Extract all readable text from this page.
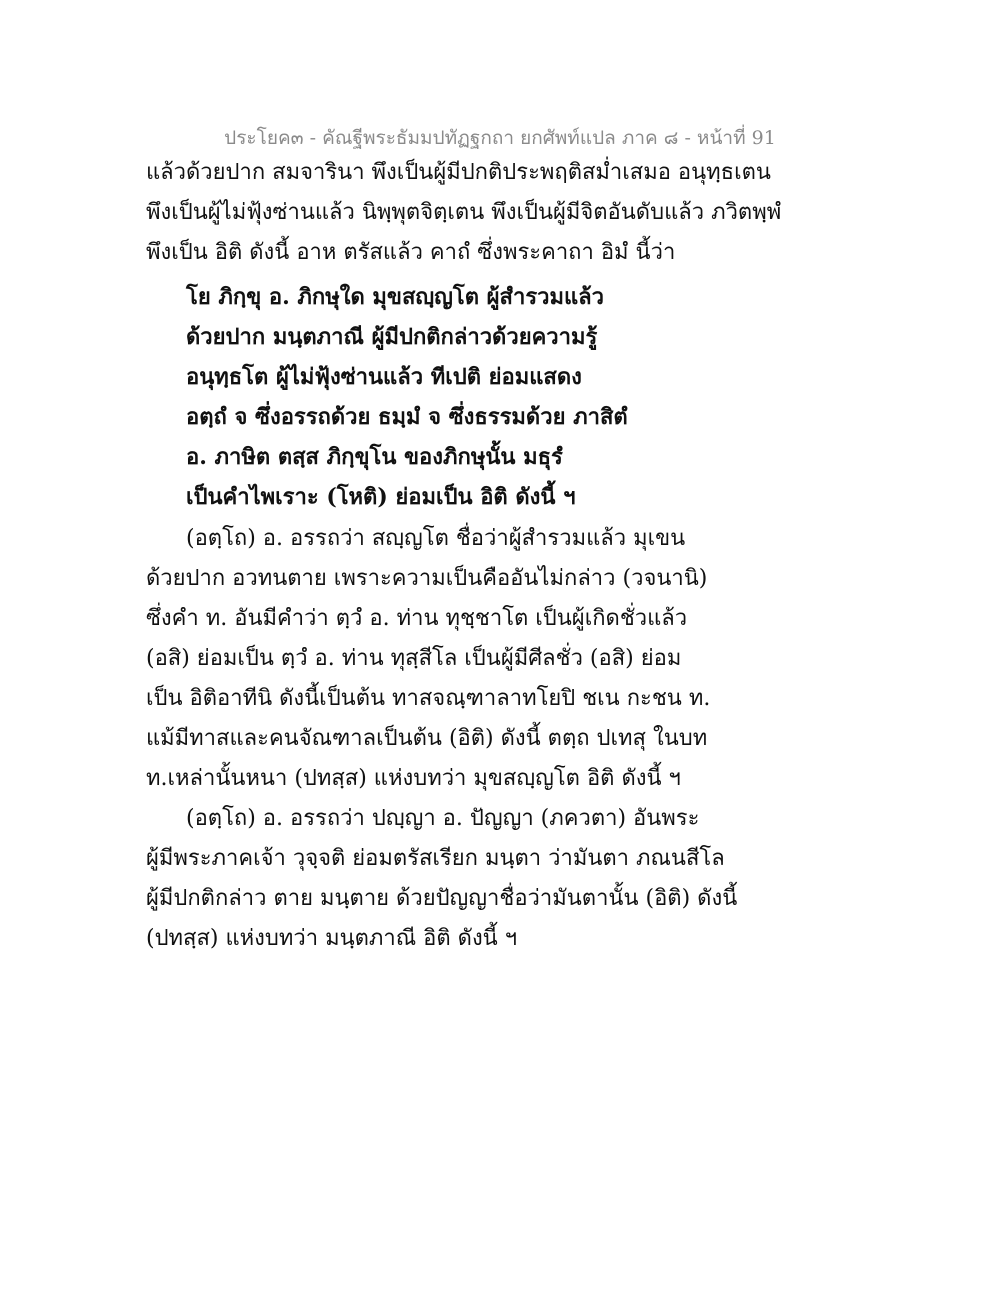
ประโยค๓ - คัณฐีพระธัมมปทัฏฐกถา ยกศัพท์แปล ภาค ๘ - หน้าที่ 91
แล้วด้วยปาก สมจารินา พึงเป็นผู้มีปกติประพฤติสม่ำเสมอ อนุทฺธเตน
พึงเป็นผู้ไม่ฟุ้งซ่านแล้ว นิพฺพุตจิตฺเตน พึงเป็นผู้มีจิตอันดับแล้ว ภวิตพฺพํ
พึงเป็น อิติ ดังนี้ อาห ตรัสแล้ว คาถํ ซึ่งพระคาถา อิมํ นี้ว่า
โย ภิกฺขุ อ. ภิกษุใด มุขสญฺญโต ผู้สำรวมแล้ว
ด้วยปาก มนฺตภาณี ผู้มีปกติกล่าวด้วยความรู้
อนุทฺธโต ผู้ไม่ฟุ้งซ่านแล้ว ทีเปติ ย่อมแสดง
อตฺถํ จ ซึ่งอรรถด้วย ธมฺมํ จ ซึ่งธรรมด้วย ภาสิตํ
อ. ภาษิต ตสฺส ภิกฺขุโน ของภิกษุนั้น มธุรํ
เป็นคำไพเราะ (โหติ) ย่อมเป็น อิติ ดังนี้ ฯ
(อตฺโถ) อ. อรรถว่า สญฺญโต ชื่อว่าผู้สำรวมแล้ว มุเขน
ด้วยปาก อวทนตาย เพราะความเป็นคืออันไม่กล่าว (วจนานิ)
ซึ่งคำ ท. อันมีคำว่า ตฺวํ อ. ท่าน ทุชฺชาโต เป็นผู้เกิดชั่วแล้ว
(อสิ) ย่อมเป็น ตฺวํ อ. ท่าน ทุสฺสีโล เป็นผู้มีศีลชั่ว (อสิ) ย่อม
เป็น อิติอาทีนิ ดังนี้เป็นต้น ทาสจณฺฑาลาทโยปิ ชเน กะชน ท.
แม้มีทาสและคนจัณฑาลเป็นต้น (อิติ) ดังนี้ ตตฺถ ปเทสุ ในบท
ท.เหล่านั้นหนา (ปทสฺส) แห่งบทว่า มุขสญฺญโต อิติ ดังนี้ ฯ
(อตฺโถ) อ. อรรถว่า ปญฺญา อ. ปัญญา (ภควตา) อันพระ
ผู้มีพระภาคเจ้า วุจฺจติ ย่อมตรัสเรียก มนฺตา ว่ามันตา ภณนสีโล
ผู้มีปกติกล่าว ตาย มนฺตาย ด้วยปัญญาชื่อว่ามันตานั้น (อิติ) ดังนี้
(ปทสฺส) แห่งบทว่า มนฺตภาณี อิติ ดังนี้ ฯ
